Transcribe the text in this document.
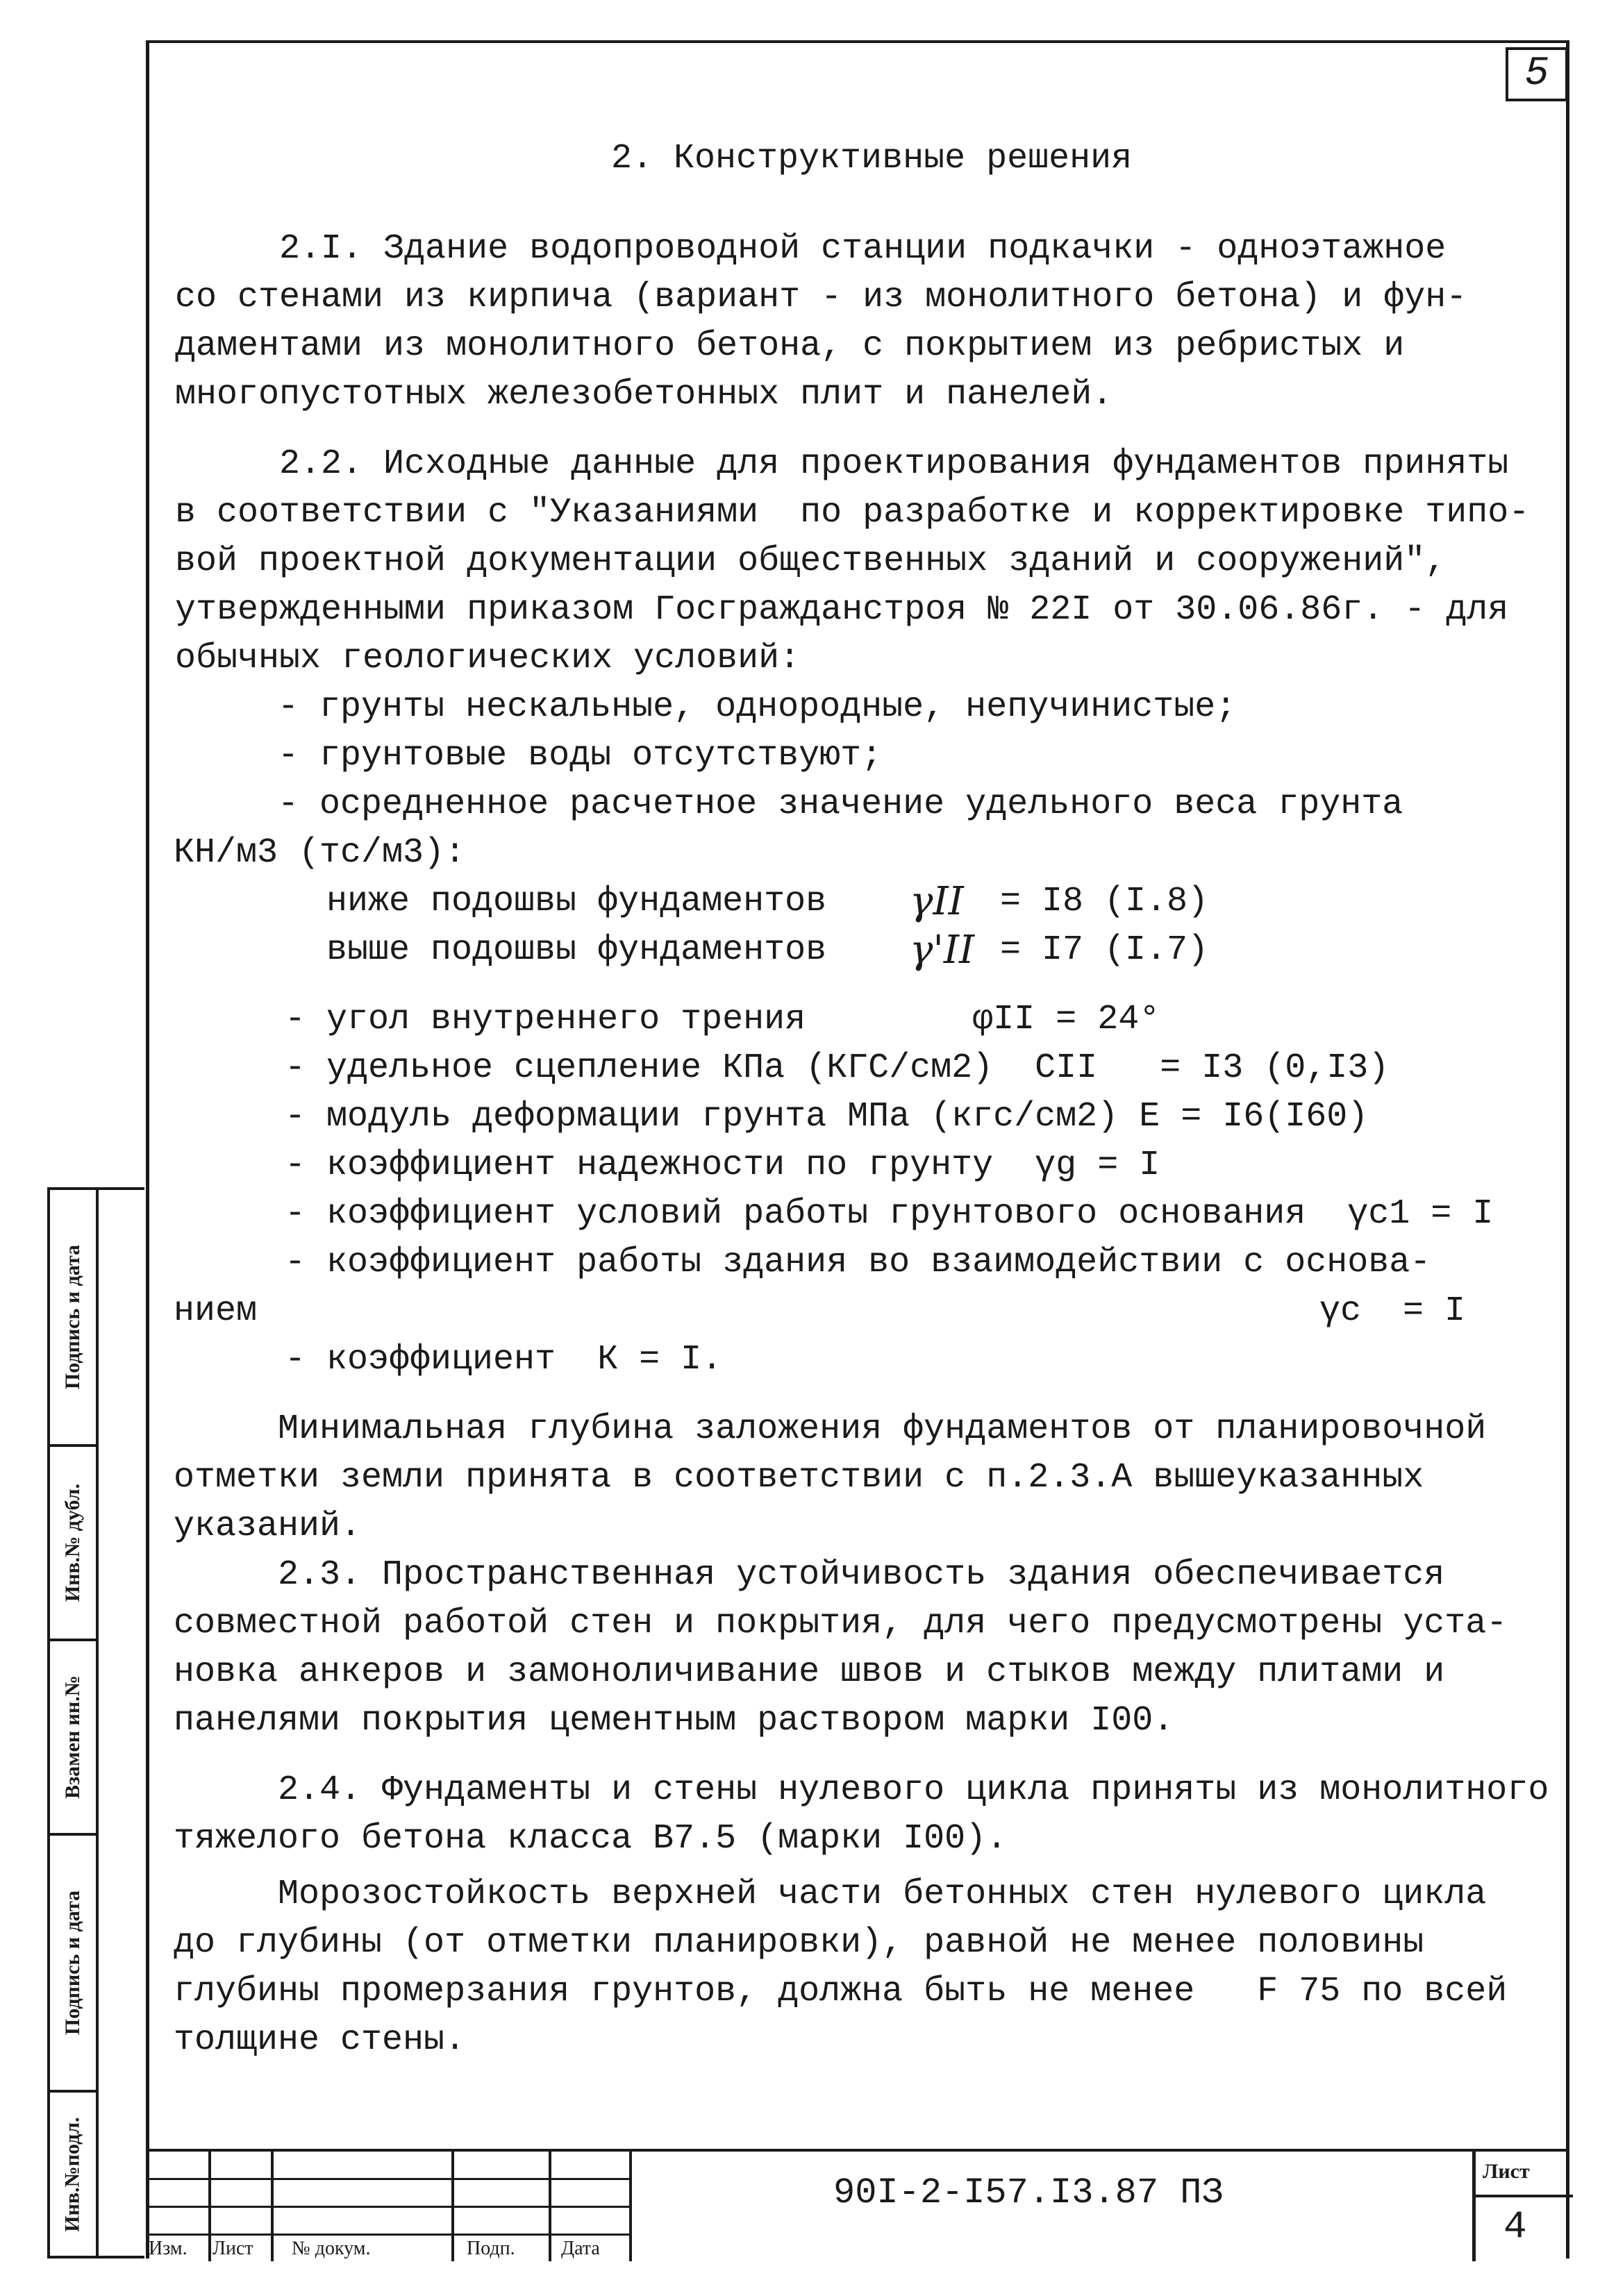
5
2. Конструктивные решения
2.I. Здание водопроводной станции подкачки - одноэтажное
со стенами из кирпича (вариант - из монолитного бетона) и фун-
даментами из монолитного бетона, с покрытием из ребристых и
многопустотных железобетонных плит и панелей.
2.2. Исходные данные для проектирования фундаментов приняты
в соответствии с "Указаниями  по разработке и корректировке типо-
вой проектной документации общественных зданий и сооружений",
утвержденными приказом Госгражданстроя № 22I от 30.06.86г. - для
обычных геологических условий:
- грунты нескальные, однородные, непучинистые;
- грунтовые воды отсутствуют;
- осредненное расчетное значение удельного веса грунта
КН/м3 (тс/м3):
ниже подошвы фундаментов γII = I8 (I.8)
выше подошвы фундаментов γ'II = I7 (I.7)
- угол внутреннего трения        φII = 24°
- удельное сцепление КПа (КГС/см2)  СII   = I3 (0,I3)
- модуль деформации грунта МПа (кгс/см2) Е = I6(I60)
- коэффициент надежности по грунту  γg = I
- коэффициент условий работы грунтового основания  γc1 = I
- коэффициент работы здания во взаимодействии с основа-
нием	γc  = I
- коэффициент  К = I.
Минимальная глубина заложения фундаментов от планировочной
отметки земли принята в соответствии с п.2.3.А вышеуказанных
указаний.
2.3. Пространственная устойчивость здания обеспечивается
совместной работой стен и покрытия, для чего предусмотрены уста-
новка анкеров и замоноличивание швов и стыков между плитами и
панелями покрытия цементным раствором марки I00.
2.4. Фундаменты и стены нулевого цикла приняты из монолитного
тяжелого бетона класса В7.5 (марки I00).
Морозостойкость верхней части бетонных стен нулевого цикла
до глубины (от отметки планировки), равной не менее половины
глубины промерзания грунтов, должна быть не менее   F 75 по всей
толщине стены.
Подпись и дата
Инв.№ дубл.
Взамен ин.№
Подпись и дата
Инв.№подл.
Изм. Лист № докум.	Подп. Дата
90I-2-I57.I3.87 ПЗ
Лист
4
